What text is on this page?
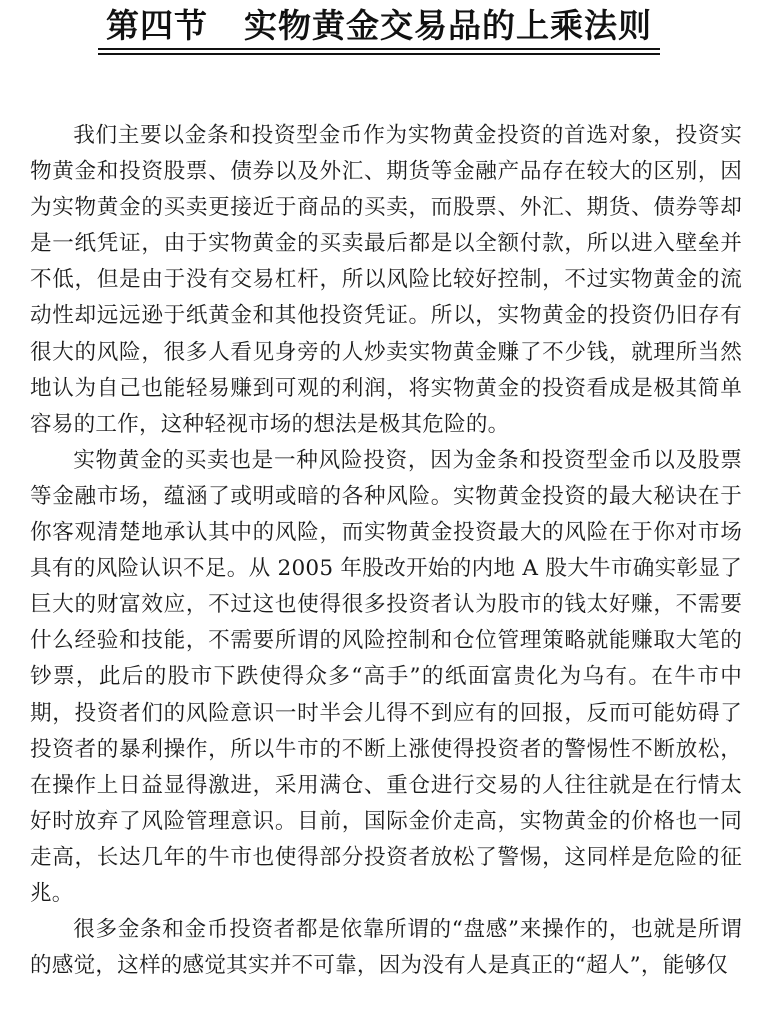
第四节 实物黄金交易品的上乘法则

我们主要以金条和投资型金币作为实物黄金投资的首选对象，投资实物黄金和投资股票、债券以及外汇、期货等金融产品存在较大的区别，因为实物黄金的买卖更接近于商品的买卖，而股票、外汇、期货、债券等却是一纸凭证，由于实物黄金的买卖最后都是以全额付款，所以进入壁垒并不低，但是由于没有交易杠杆，所以风险比较好控制，不过实物黄金的流动性却远远逊于纸黄金和其他投资凭证。所以，实物黄金的投资仍旧存有很大的风险，很多人看见身旁的人炒卖实物黄金赚了不少钱，就理所当然地认为自己也能轻易赚到可观的利润，将实物黄金的投资看成是极其简单容易的工作，这种轻视市场的想法是极其危险的。

实物黄金的买卖也是一种风险投资，因为金条和投资型金币以及股票等金融市场，蕴涵了或明或暗的各种风险。实物黄金投资的最大秘诀在于你客观清楚地承认其中的风险，而实物黄金投资最大的风险在于你对市场具有的风险认识不足。从 2005 年股改开始的内地 A 股大牛市确实彰显了巨大的财富效应，不过这也使得很多投资者认为股市的钱太好赚，不需要什么经验和技能，不需要所谓的风险控制和仓位管理策略就能赚取大笔的钞票，此后的股市下跌使得众多“高手”的纸面富贵化为乌有。在牛市中期，投资者们的风险意识一时半会儿得不到应有的回报，反而可能妨碍了投资者的暴利操作，所以牛市的不断上涨使得投资者的警惕性不断放松，在操作上日益显得激进，采用满仓、重仓进行交易的人往往就是在行情太好时放弃了风险管理意识。目前，国际金价走高，实物黄金的价格也一同走高，长达几年的牛市也使得部分投资者放松了警惕，这同样是危险的征兆。

很多金条和金币投资者都是依靠所谓的“盘感”来操作的，也就是所谓的感觉，这样的感觉其实并不可靠，因为没有人是真正的“超人”，能够仅
